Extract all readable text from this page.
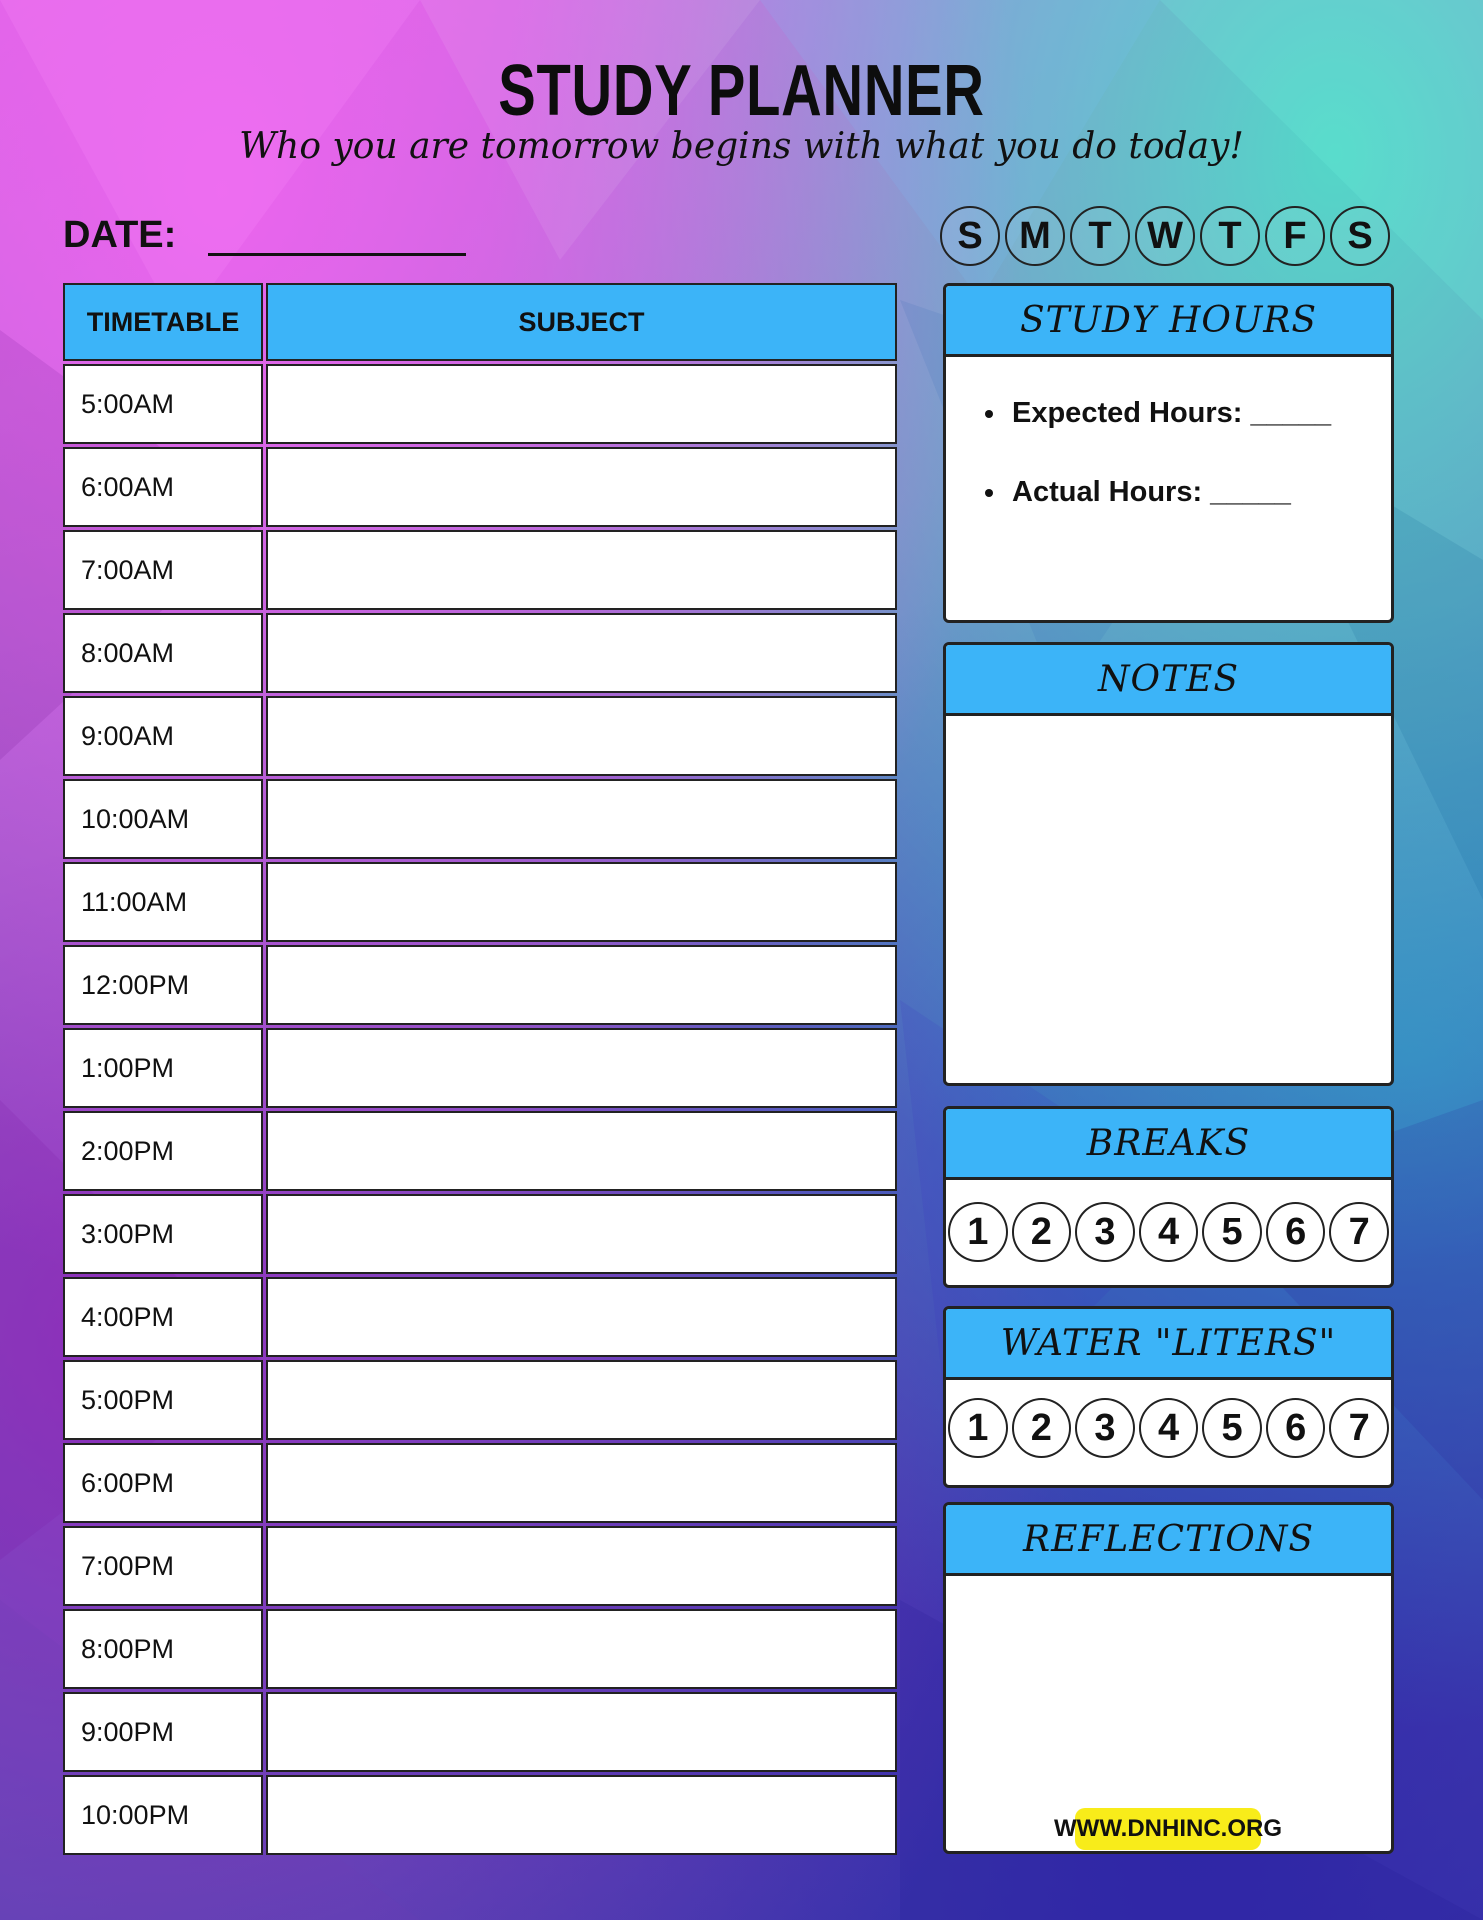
STUDY PLANNER
Who you are tomorrow begins with what you do today!
DATE:	S M T W T	F	S
TIMETABLE	SUBJECT
5:00AM
6:00AM
7:00AM
8:00AM
9:00AM
10:00AM
11:00AM
12:00PM
1:00PM
2:00PM
3:00PM
4:00PM
5:00PM
6:00PM
7:00PM
8:00PM
9:00PM
10:00PM
STUDY HOURS
• Expected Hours: _____
• Actual Hours: _____
NOTES
BREAKS
1	2	3	4	5	6	7
WATER "LITERS"
1	2	3	4	5	6	7
REFLECTIONS
WWW.DNHINC.ORG
